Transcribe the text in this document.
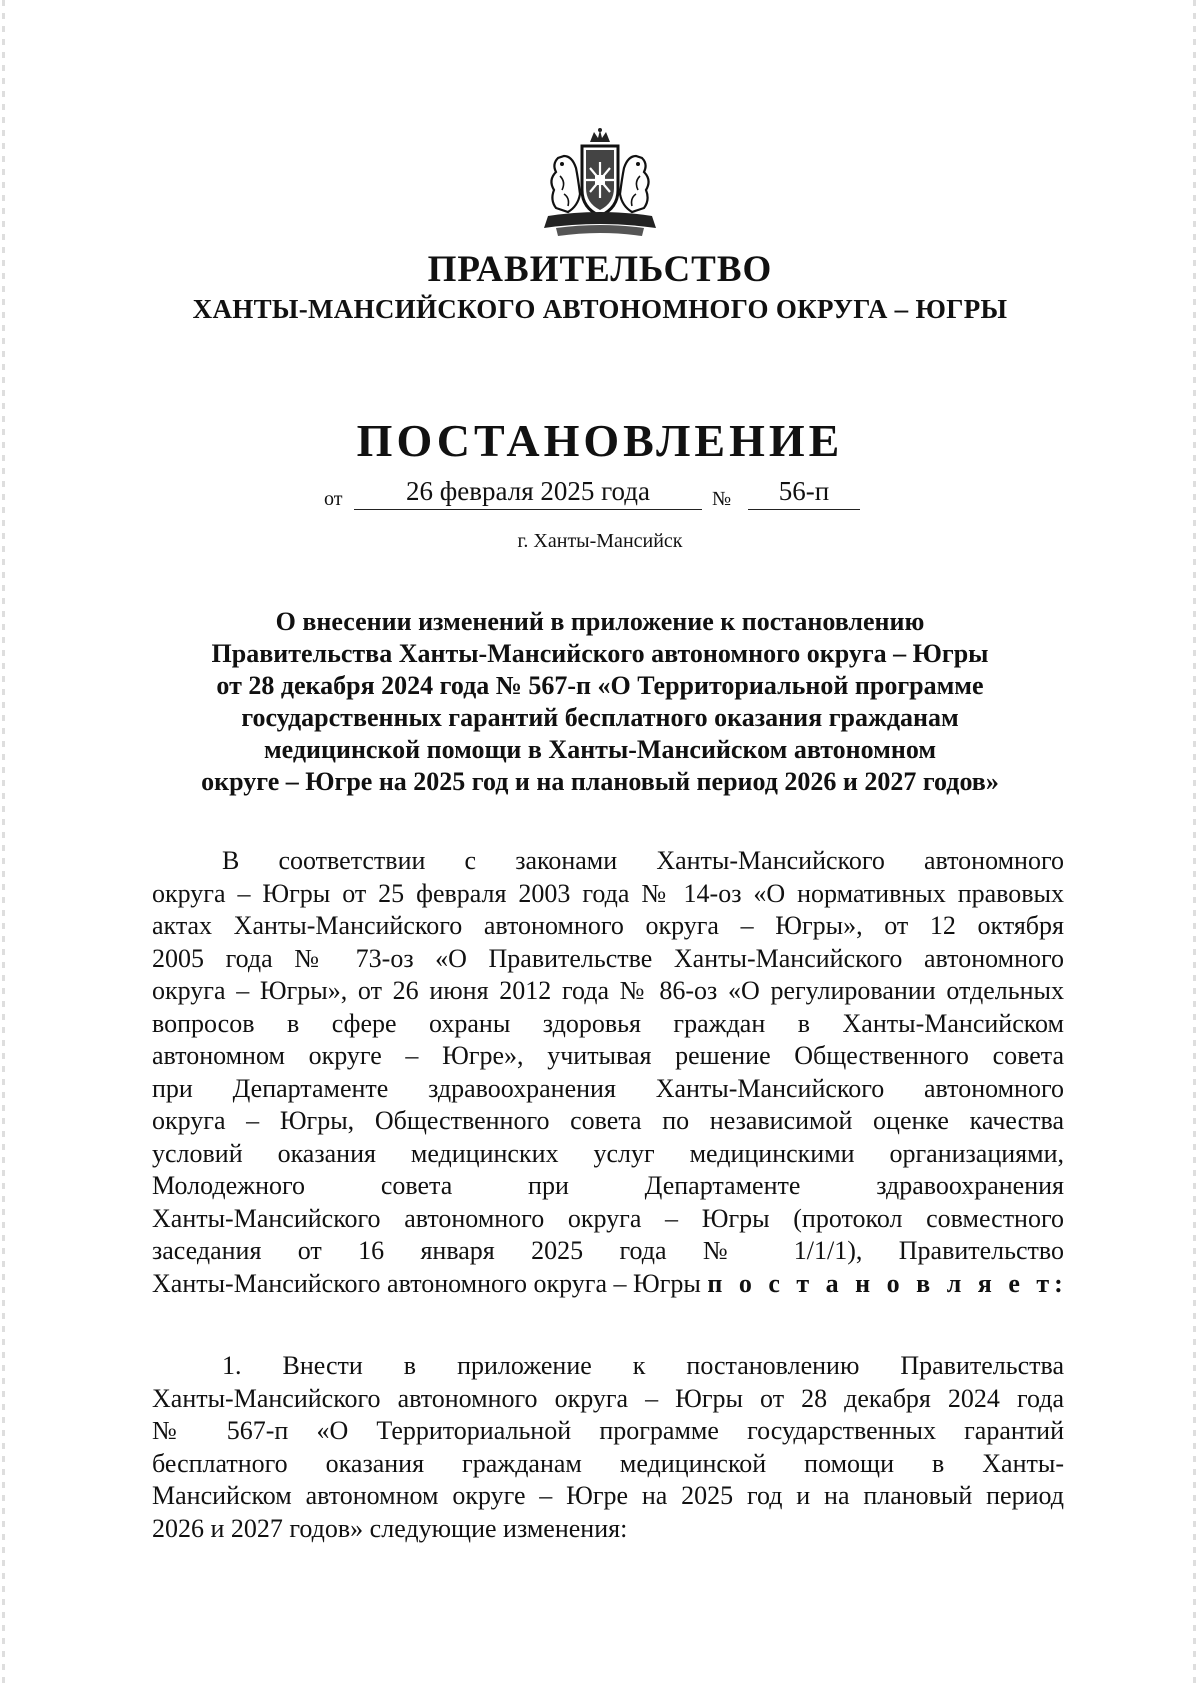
ПРАВИТЕЛЬСТВО
ХАНТЫ-МАНСИЙСКОГО АВТОНОМНОГО ОКРУГА – ЮГРЫ
ПОСТАНОВЛЕНИЕ
от	26 февраля 2025 года	№	56-п
г. Ханты-Мансийск
О внесении изменений в приложение к постановлению
Правительства Ханты-Мансийского автономного округа – Югры
от 28 декабря 2024 года № 567-п «О Территориальной программе
государственных гарантий бесплатного оказания гражданам
медицинской помощи в Ханты-Мансийском автономном
округе – Югре на 2025 год и на плановый период 2026 и 2027 годов»
В соответствии с законами Ханты-Мансийского автономного
округа – Югры от 25 февраля 2003 года № 14-оз «О нормативных правовых
актах Ханты-Мансийского автономного округа – Югры», от 12 октября
2005 года № 73-оз «О Правительстве Ханты-Мансийского автономного
округа – Югры», от 26 июня 2012 года № 86-оз «О регулировании отдельных
вопросов в сфере охраны здоровья граждан в Ханты-Мансийском
автономном округе – Югре», учитывая решение Общественного совета
при Департаменте здравоохранения Ханты-Мансийского автономного
округа – Югры, Общественного совета по независимой оценке качества
условий оказания медицинских услуг медицинскими организациями,
Молодежного совета при Департаменте здравоохранения
Ханты-Мансийского автономного округа – Югры (протокол совместного
заседания от 16 января 2025 года № 1/1/1), Правительство
Ханты-Мансийского автономного округа – Югры п о с т а н о в л я е т:
1. Внести в приложение к постановлению Правительства
Ханты-Мансийского автономного округа – Югры от 28 декабря 2024 года
№ 567-п «О Территориальной программе государственных гарантий
бесплатного оказания гражданам медицинской помощи в Ханты-
Мансийском автономном округе – Югре на 2025 год и на плановый период
2026 и 2027 годов» следующие изменения:
